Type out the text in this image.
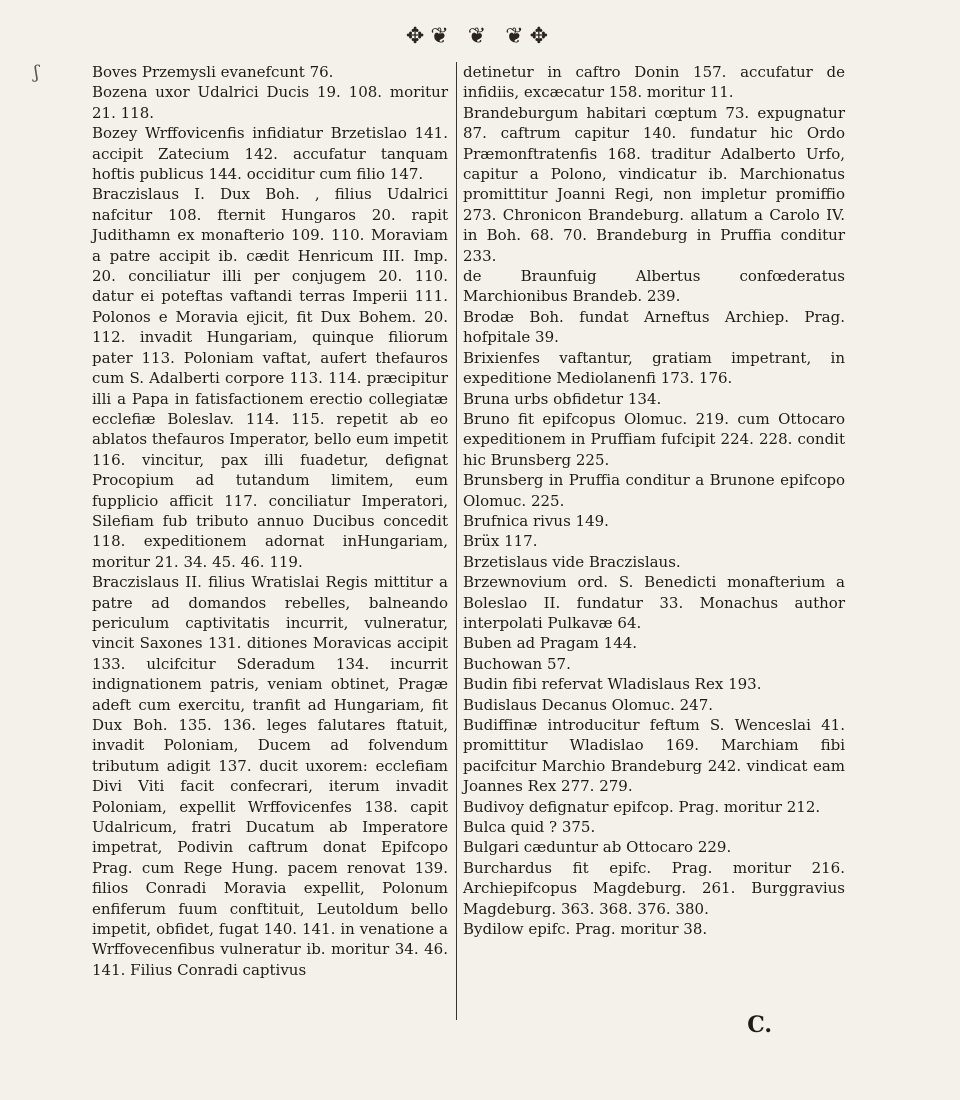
✥❦ ❦ ❦✥
ʃ	Boves Przemysli evanefcunt 76.

Bozena uxor Udalrici Ducis 19. 108. moritur 21. 118.

Bozey Wrffovicenfis infidiatur Brzetislao 141. accipit Zatecium 142. accufatur tanquam hoftis publicus 144. occiditur cum filio 147.

Braczislaus I. Dux Boh. , filius Udalrici nafcitur 108. fternit Hungaros 20. rapit Judithamn ex monafterio 109. 110. Moraviam a patre accipit ib. cædit Henricum III. Imp. 20. conciliatur illi per conjugem 20. 110. datur ei poteftas vaftandi terras Imperii 111. Polonos e Moravia ejicit, fit Dux Bohem. 20. 112. invadit Hungariam, quinque filiorum pater 113. Poloniam vaftat, aufert thefauros cum S. Adalberti corpore 113. 114. præcipitur illi a Papa in fatisfactionem erectio collegiatæ ecclefiæ Boleslav. 114. 115. repetit ab eo ablatos thefauros Imperator, bello eum impetit 116. vincitur, pax illi fuadetur, defignat Procopium ad tutandum limitem, eum fupplicio afficit 117. conciliatur Imperatori, Silefiam fub tributo annuo Ducibus concedit 118. expeditionem adornat inHungariam, moritur 21. 34. 45. 46. 119.

Braczislaus II. filius Wratislai Regis mittitur a patre ad domandos rebelles, balneando periculum captivitatis incurrit, vulneratur, vincit Saxones 131. ditiones Moravicas accipit 133. ulcifcitur Sderadum 134. incurrit indignationem patris, veniam obtinet, Pragæ adeft cum exercitu, tranfit ad Hungariam, fit Dux Boh. 135. 136. leges falutares ftatuit, invadit Poloniam, Ducem ad folvendum tributum adigit 137. ducit uxorem: ecclefiam Divi Viti facit confecrari, iterum invadit Poloniam, expellit Wrffovicenfes 138. capit Udalricum, fratri Ducatum ab Imperatore impetrat, Podivin caftrum donat Epifcopo Prag. cum Rege Hung. pacem renovat 139. filios Conradi Moravia expellit, Polonum enfiferum fuum conftituit, Leutoldum bello impetit, obfidet, fugat 140. 141. in venatione a Wrffovecenfibus vulneratur ib. moritur 34. 46. 141. Filius Conradi captivus

detinetur in caftro Donin 157. accufatur de infidiis, excæcatur 158. moritur 11.

Brandeburgum habitari cœptum 73. expugnatur 87. caftrum capitur 140. fundatur hic Ordo Præmonftratenfis 168. traditur Adalberto Urfo, capitur a Polono, vindicatur ib. Marchionatus promittitur Joanni Regi, non impletur promiffio 273. Chronicon Brandeburg. allatum a Carolo IV. in Boh. 68. 70. Brandeburg in Pruffia conditur 233.

de Braunfuig Albertus confœderatus Marchionibus Brandeb. 239.

Brodæ Boh. fundat Arneftus Archiep. Prag. hofpitale 39.

Brixienfes vaftantur, gratiam impetrant, in expeditione Mediolanenfi 173. 176.

Bruna urbs obfidetur 134.

Bruno fit epifcopus Olomuc. 219. cum Ottocaro expeditionem in Pruffiam fufcipit 224. 228. condit hic Brunsberg 225.

Brunsberg in Pruffia conditur a Brunone epifcopo Olomuc. 225.

Brufnica rivus 149.

Brüx 117.

Brzetislaus vide Braczislaus.

Brzewnovium ord. S. Benedicti monafterium a Boleslao II. fundatur 33. Monachus author interpolati Pulkavæ 64.

Buben ad Pragam 144.

Buchowan 57.

Budin fibi refervat Wladislaus Rex 193.

Budislaus Decanus Olomuc. 247.

Budiffinæ introducitur feftum S. Wenceslai 41. promittitur Wladislao 169. Marchiam fibi pacifcitur Marchio Brandeburg 242. vindicat eam Joannes Rex 277. 279.

Budivoy defignatur epifcop. Prag. moritur 212.

Bulca quid ? 375.

Bulgari cæduntur ab Ottocaro 229.

Burchardus fit epifc. Prag. moritur 216. Archiepifcopus Magdeburg. 261. Burggravius Magdeburg. 363. 368. 376. 380.

Bydilow epifc. Prag. moritur 38.

C.
